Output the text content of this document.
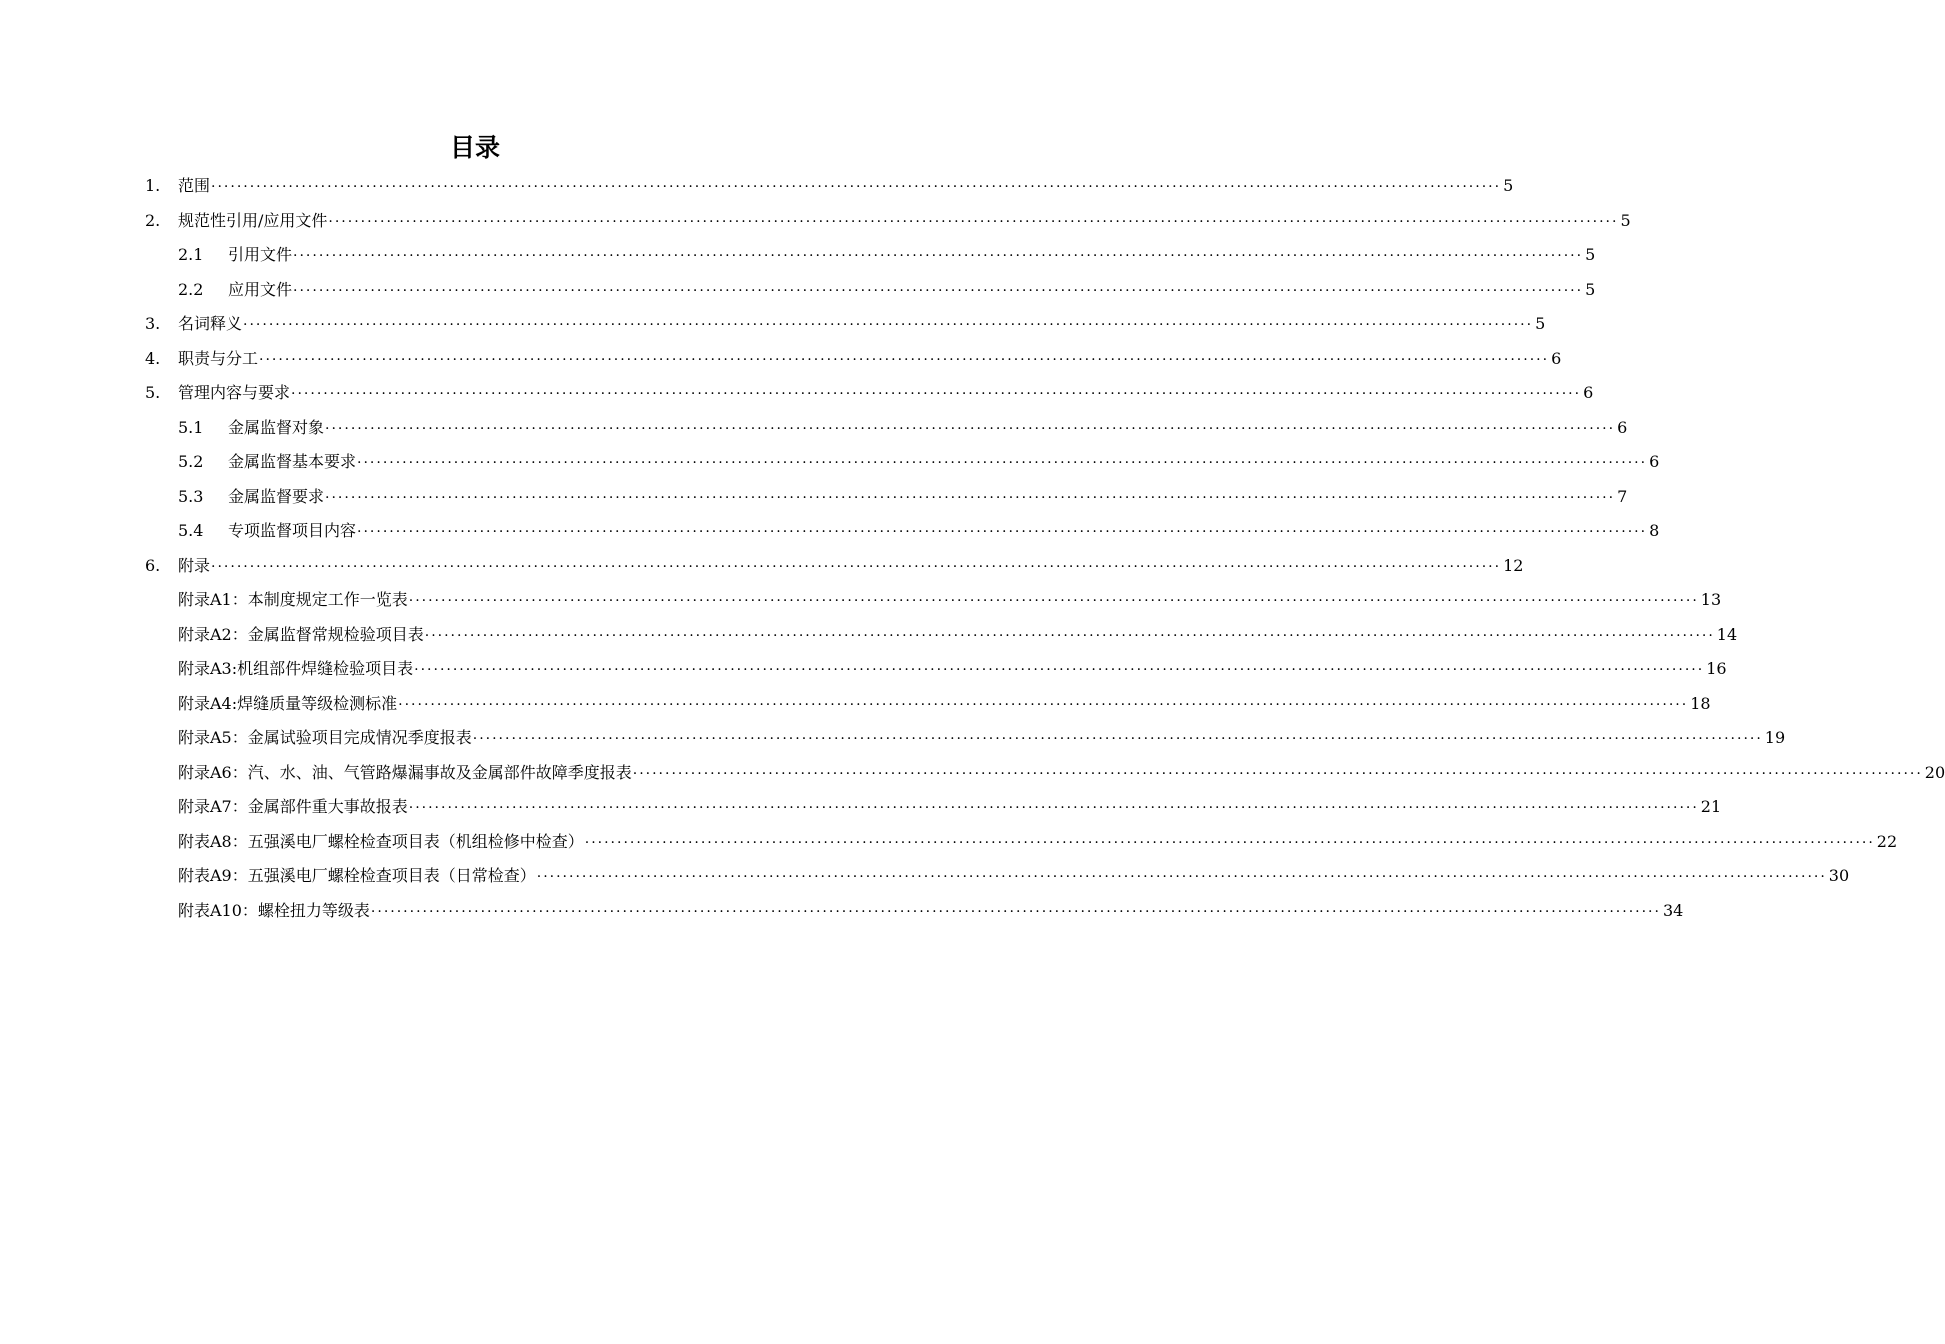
目录
1.	范围 ........................................................................................................................................................................................................ 5
2.	规范性引用/应用文件 ........................................................................................................................................................................................................ 5
2.1	引用文件 ........................................................................................................................................................................................................ 5
2.2	应用文件 ........................................................................................................................................................................................................ 5
3.	名词释义 ........................................................................................................................................................................................................ 5
4.	职责与分工 ........................................................................................................................................................................................................ 6
5.	管理内容与要求 ........................................................................................................................................................................................................ 6
5.1	金属监督对象 ........................................................................................................................................................................................................ 6
5.2	金属监督基本要求 ........................................................................................................................................................................................................ 6
5.3	金属监督要求 ........................................................................................................................................................................................................ 7
5.4	专项监督项目内容 ........................................................................................................................................................................................................ 8
6.	附录 ........................................................................................................................................................................................................ 12
附录A1：本制度规定工作一览表 ........................................................................................................................................................................................................ 13
附录A2：金属监督常规检验项目表 ........................................................................................................................................................................................................ 14
附录A3:机组部件焊缝检验项目表 ........................................................................................................................................................................................................ 16
附录A4:焊缝质量等级检测标准 ........................................................................................................................................................................................................ 18
附录A5：金属试验项目完成情况季度报表 ........................................................................................................................................................................................................ 19
附录A6：汽、水、油、气管路爆漏事故及金属部件故障季度报表 ........................................................................................................................................................................................................ 20
附录A7：金属部件重大事故报表 ........................................................................................................................................................................................................ 21
附表A8：五强溪电厂螺栓检查项目表（机组检修中检查） ........................................................................................................................................................................................................ 22
附表A9：五强溪电厂螺栓检查项目表（日常检查） ........................................................................................................................................................................................................ 30
附表A10：螺栓扭力等级表 ........................................................................................................................................................................................................ 34
